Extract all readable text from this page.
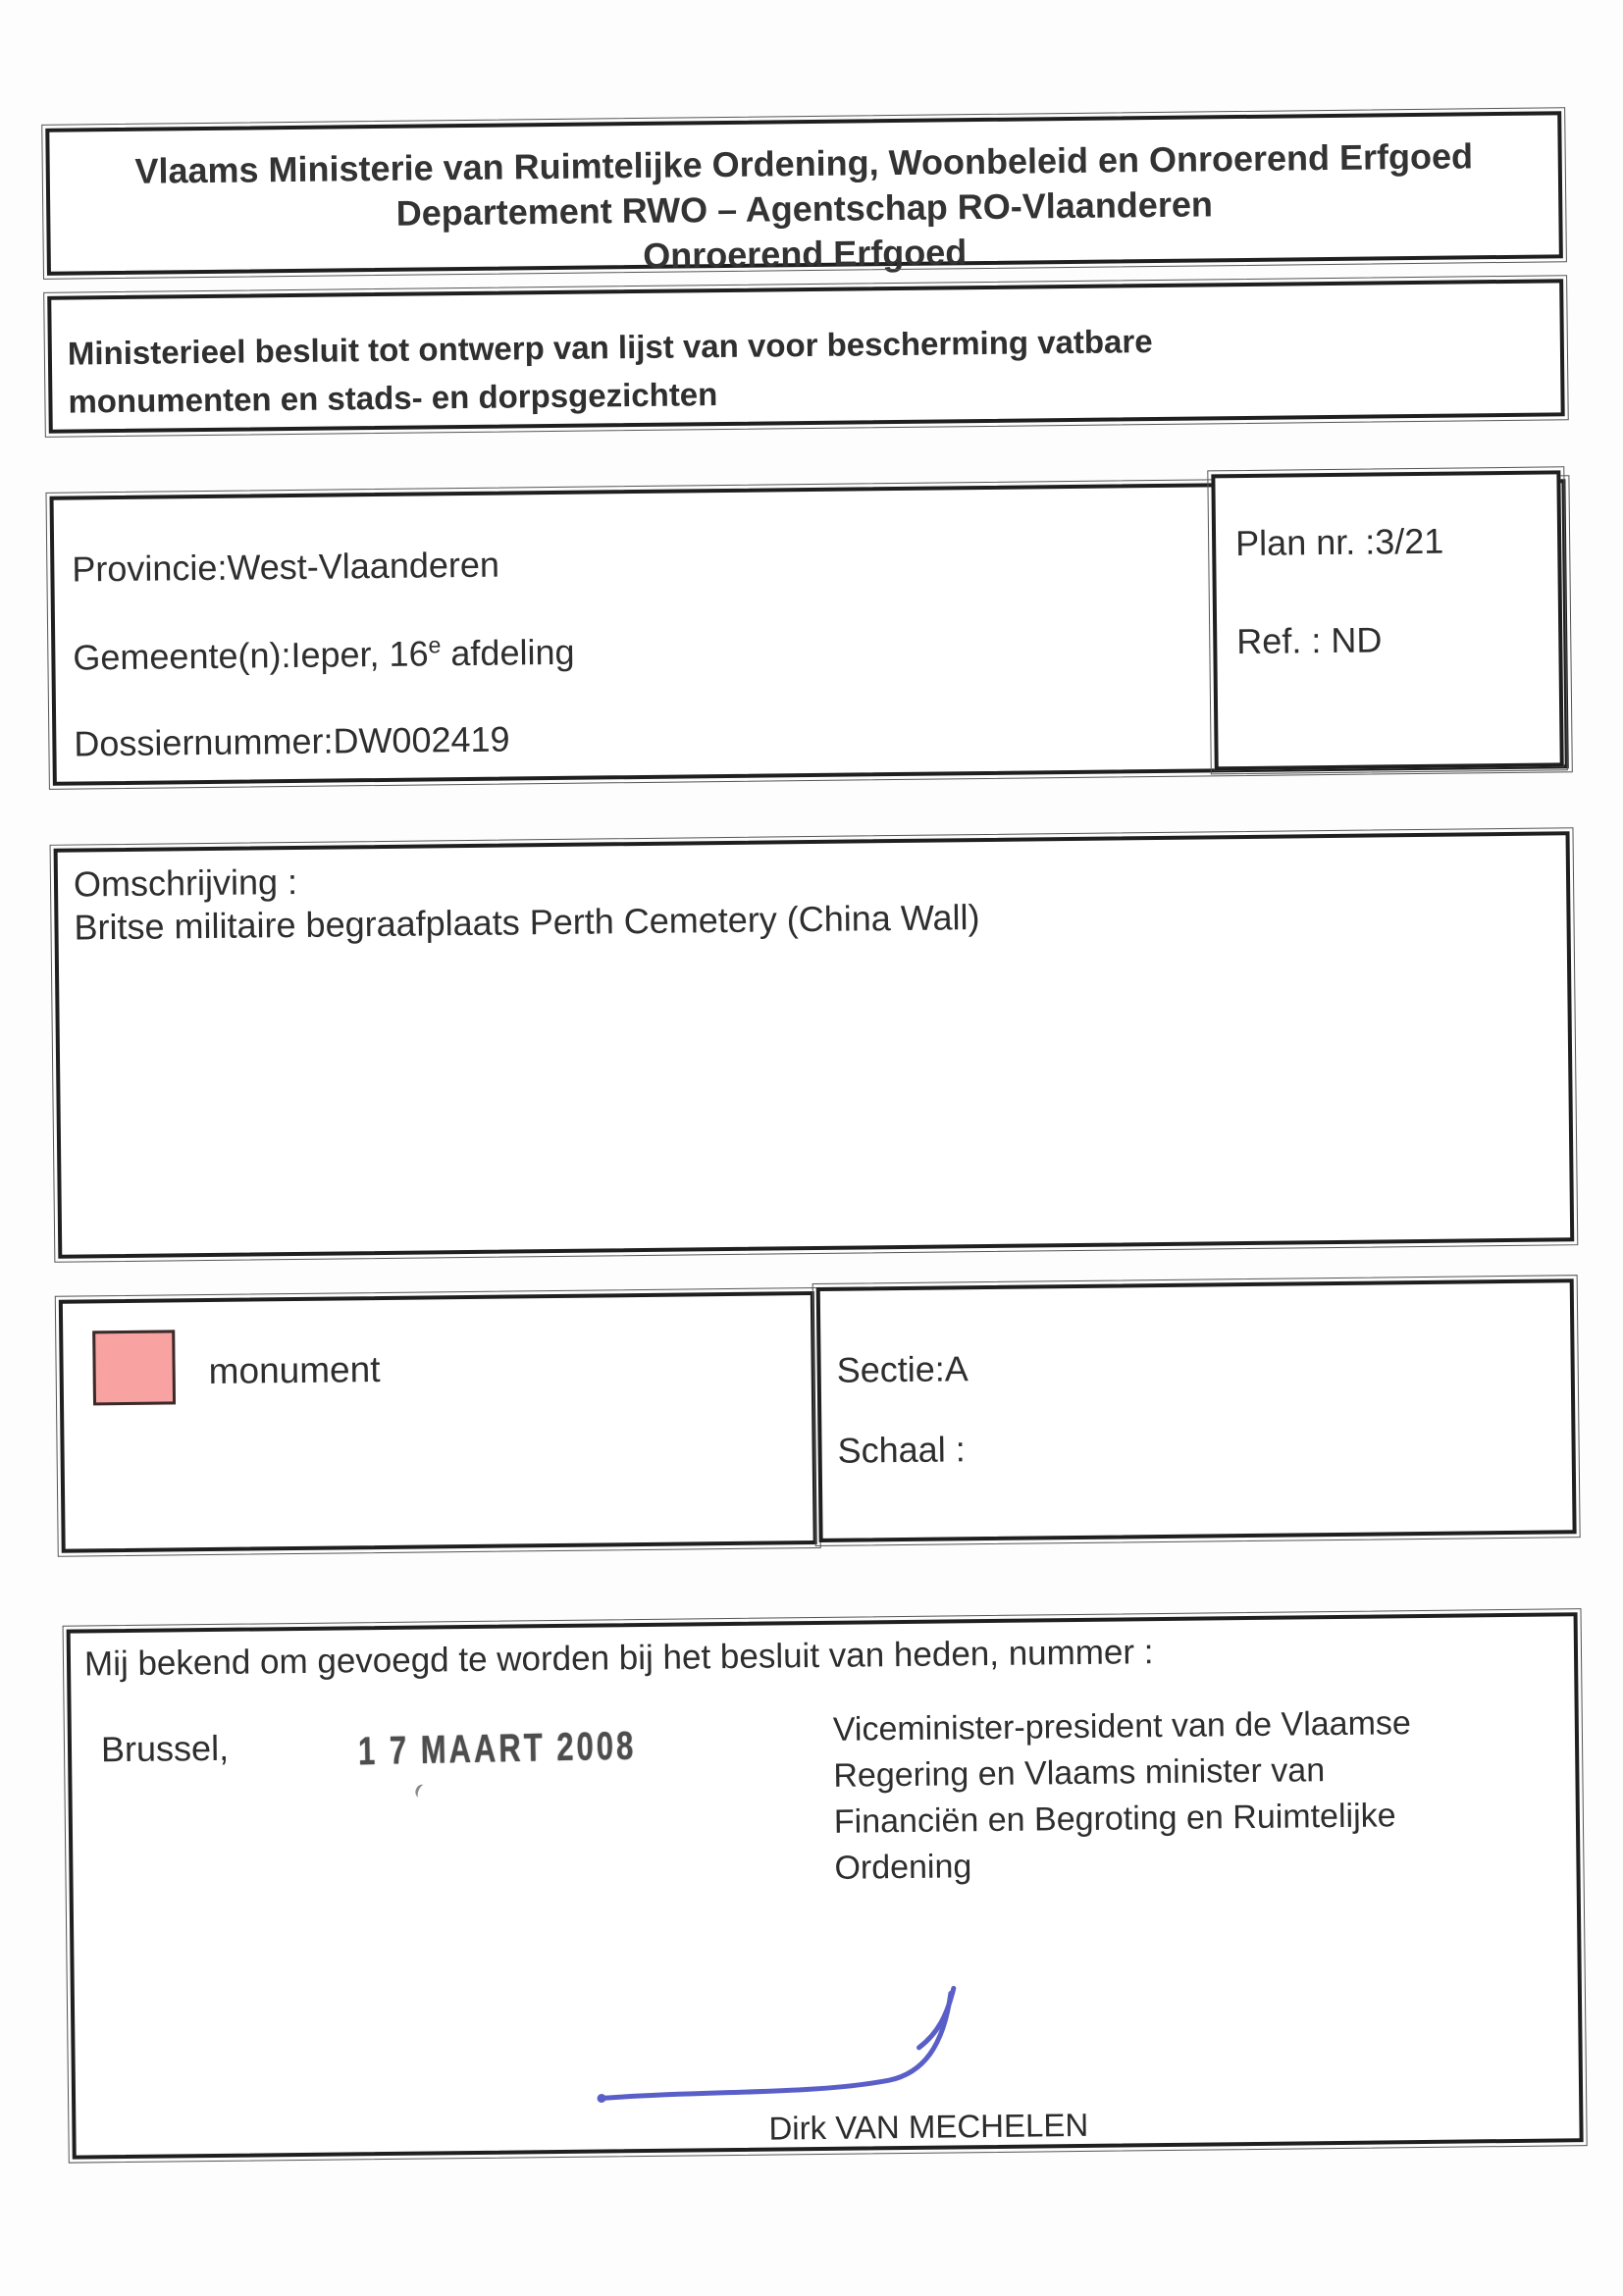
Vlaams Ministerie van Ruimtelijke Ordening, Woonbeleid en Onroerend Erfgoed
Departement RWO – Agentschap RO-Vlaanderen
Onroerend Erfgoed
Ministerieel besluit tot ontwerp van lijst van voor bescherming vatbare
monumenten en stads- en dorpsgezichten
Provincie:West-Vlaanderen
Gemeente(n):Ieper, 16e afdeling
Dossiernummer:DW002419
Plan nr. :3/21
Ref. : ND
Omschrijving :
Britse militaire begraafplaats Perth Cemetery (China Wall)
monument	Sectie:A
Schaal :
Mij bekend om gevoegd te worden bij het besluit van heden, nummer :
Brussel,	1 7 MAART 2008	Viceminister-president van de Vlaamse
Regering en Vlaams minister van
Financiën en Begroting en Ruimtelijke
Ordening
Dirk VAN MECHELEN
